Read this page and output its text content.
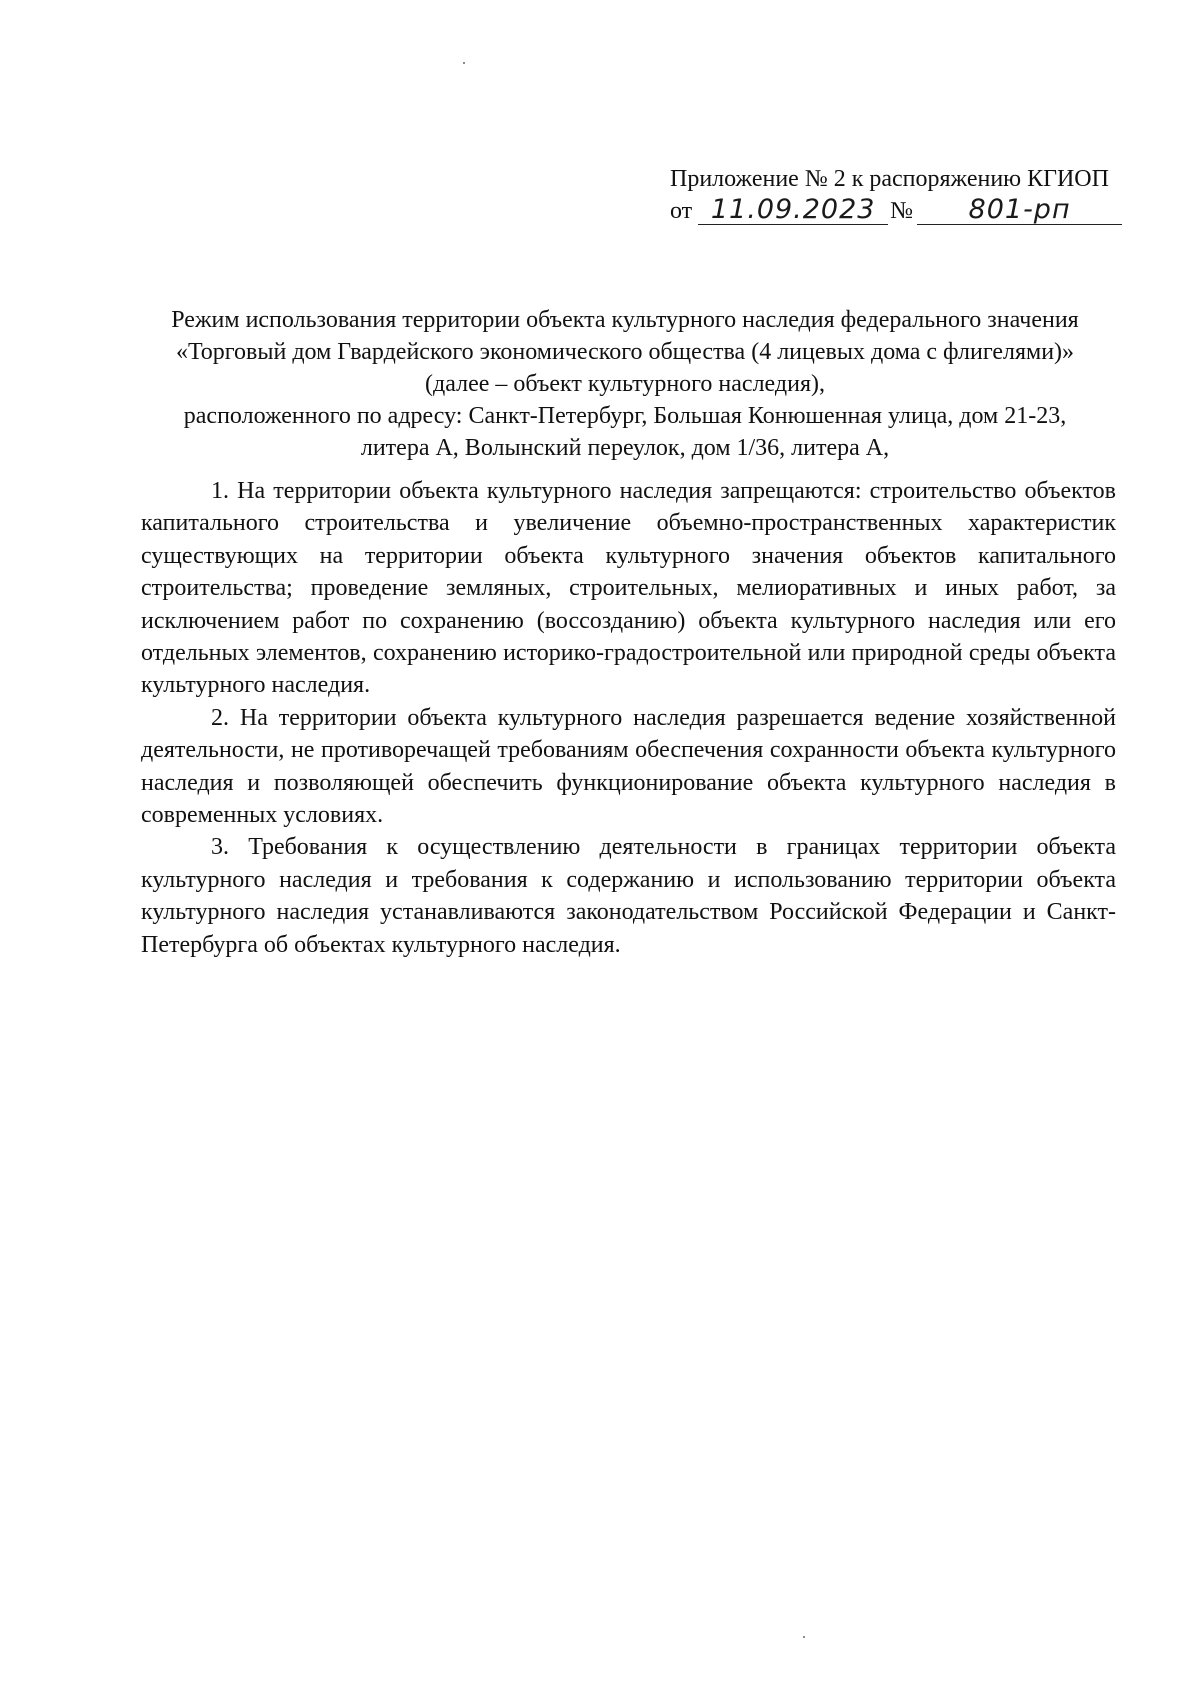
Приложение № 2 к распоряжению КГИОП
от 11.09.2023 №	801-рп
Режим использования территории объекта культурного наследия федерального значения
«Торговый дом Гвардейского экономического общества (4 лицевых дома с флигелями)»
(далее – объект культурного наследия),
расположенного по адресу: Санкт-Петербург, Большая Конюшенная улица, дом 21-23,
литера А, Волынский переулок, дом 1/36, литера А,

1. На территории объекта культурного наследия запрещаются: строительство объектов капитального строительства и увеличение объемно-пространственных характеристик существующих на территории объекта культурного значения объектов капитального строительства; проведение земляных, строительных, мелиоративных и иных работ, за исключением работ по сохранению (воссозданию) объекта культурного наследия или его отдельных элементов, сохранению историко-градостроительной или природной среды объекта культурного наследия.

2. На территории объекта культурного наследия разрешается ведение хозяйственной деятельности, не противоречащей требованиям обеспечения сохранности объекта культурного наследия и позволяющей обеспечить функционирование объекта культурного наследия в современных условиях.

3. Требования к осуществлению деятельности в границах территории объекта культурного наследия и требования к содержанию и использованию территории объекта культурного наследия устанавливаются законодательством Российской Федерации и Санкт-Петербурга об объектах культурного наследия.
